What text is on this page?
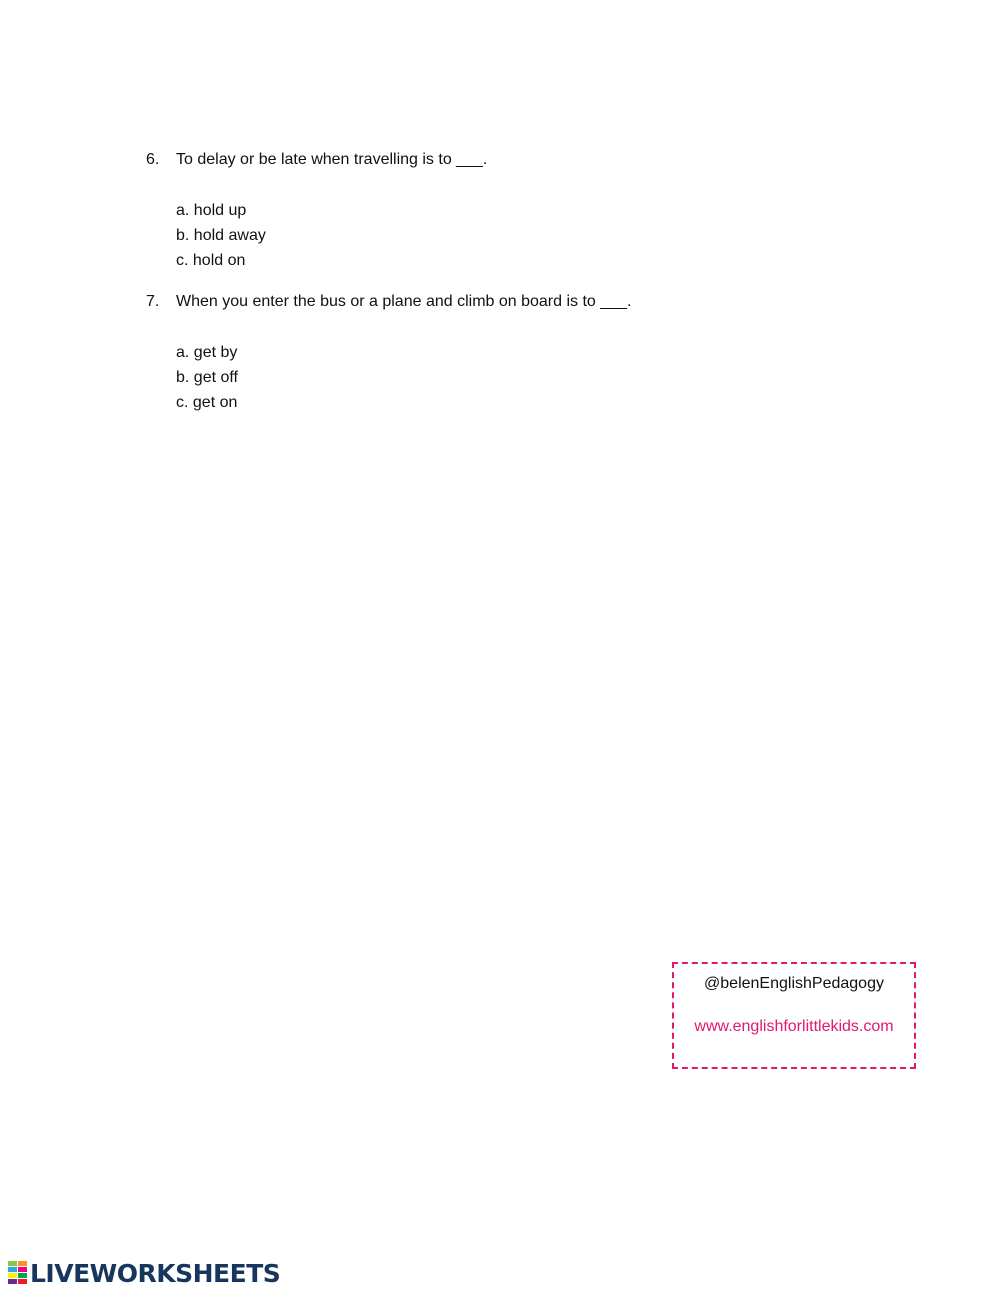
6. To delay or be late when travelling is to ___.
a. hold up
b. hold away
c. hold on
7. When you enter the bus or a plane and climb on board is to ___.
a. get by
b. get off
c. get on
@belenEnglishPedagogy
www.englishforlittlekids.com
LIVEWORKSHEETS
